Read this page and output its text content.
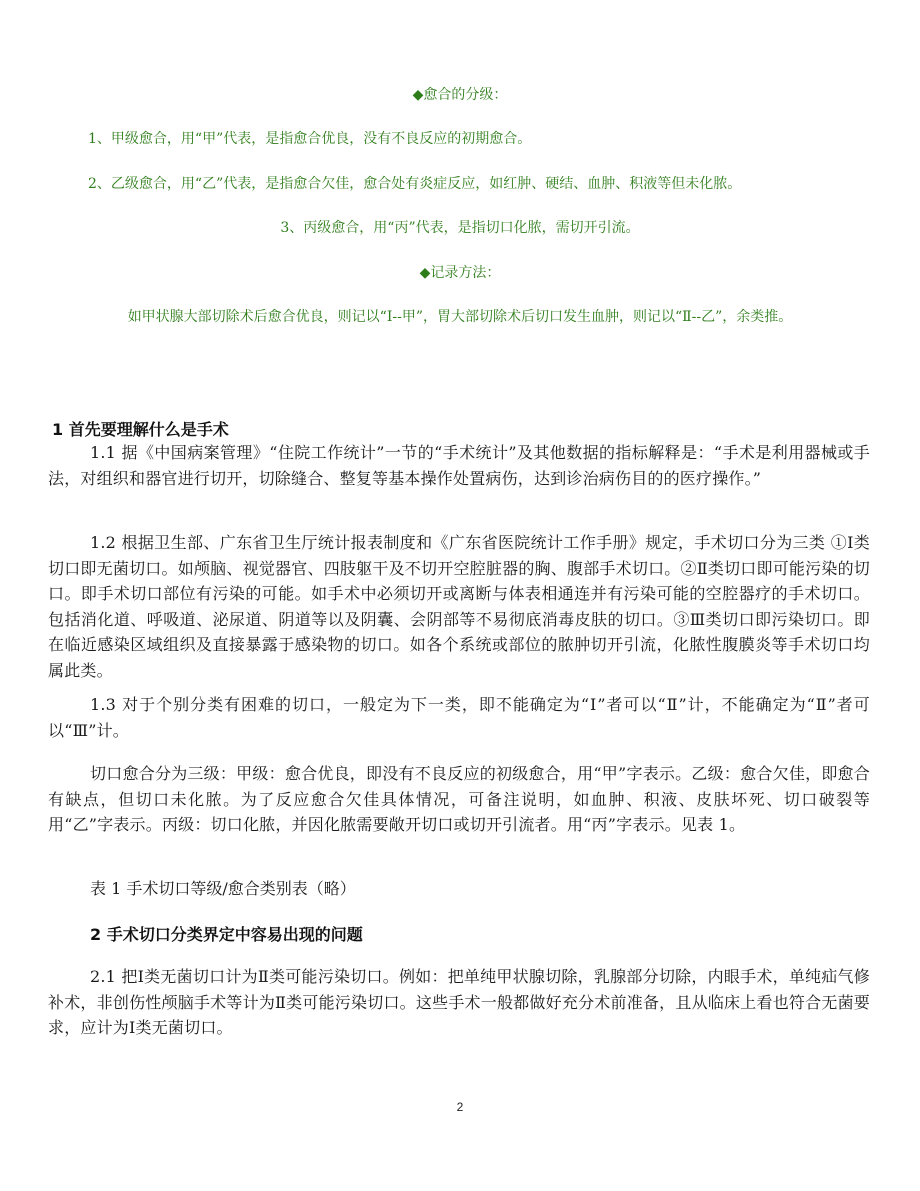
◆愈合的分级：
1、甲级愈合，用“甲”代表，是指愈合优良，没有不良反应的初期愈合。
2、乙级愈合，用“乙”代表，是指愈合欠佳，愈合处有炎症反应，如红肿、硬结、血肿、积液等但未化脓。
3、丙级愈合，用“丙”代表，是指切口化脓，需切开引流。
◆记录方法：
如甲状腺大部切除术后愈合优良，则记以“Ⅰ--甲”，胃大部切除术后切口发生血肿，则记以“Ⅱ--乙”，余类推。
1 首先要理解什么是手术
1.1 据《中国病案管理》“住院工作统计”一节的“手术统计”及其他数据的指标解释是：“手术是利用器械或手法，对组织和器官进行切开，切除缝合、整复等基本操作处置病伤，达到诊治病伤目的的医疗操作。”
1.2 根据卫生部、广东省卫生厅统计报表制度和《广东省医院统计工作手册》规定，手术切口分为三类 ①Ⅰ类切口即无菌切口。如颅脑、视觉器官、四肢躯干及不切开空腔脏器的胸、腹部手术切口。②Ⅱ类切口即可能污染的切口。即手术切口部位有污染的可能。如手术中必须切开或离断与体表相通连并有污染可能的空腔器疗的手术切口。包括消化道、呼吸道、泌尿道、阴道等以及阴囊、会阴部等不易彻底消毒皮肤的切口。③Ⅲ类切口即污染切口。即在临近感染区域组织及直接暴露于感染物的切口。如各个系统或部位的脓肿切开引流，化脓性腹膜炎等手术切口均属此类。
1.3 对于个别分类有困难的切口，一般定为下一类，即不能确定为“Ⅰ”者可以“Ⅱ”计，不能确定为“Ⅱ”者可以“Ⅲ”计。
切口愈合分为三级：甲级：愈合优良，即没有不良反应的初级愈合，用“甲”字表示。乙级：愈合欠佳，即愈合有缺点，但切口未化脓。为了反应愈合欠佳具体情况，可备注说明，如血肿、积液、皮肤坏死、切口破裂等用“乙”字表示。丙级：切口化脓，并因化脓需要敞开切口或切开引流者。用“丙”字表示。见表 1。
表 1 手术切口等级/愈合类别表（略）
2 手术切口分类界定中容易出现的问题
2.1 把Ⅰ类无菌切口计为Ⅱ类可能污染切口。例如：把单纯甲状腺切除，乳腺部分切除，内眼手术，单纯疝气修补术，非创伤性颅脑手术等计为Ⅱ类可能污染切口。这些手术一般都做好充分术前准备，且从临床上看也符合无菌要求，应计为Ⅰ类无菌切口。
2
